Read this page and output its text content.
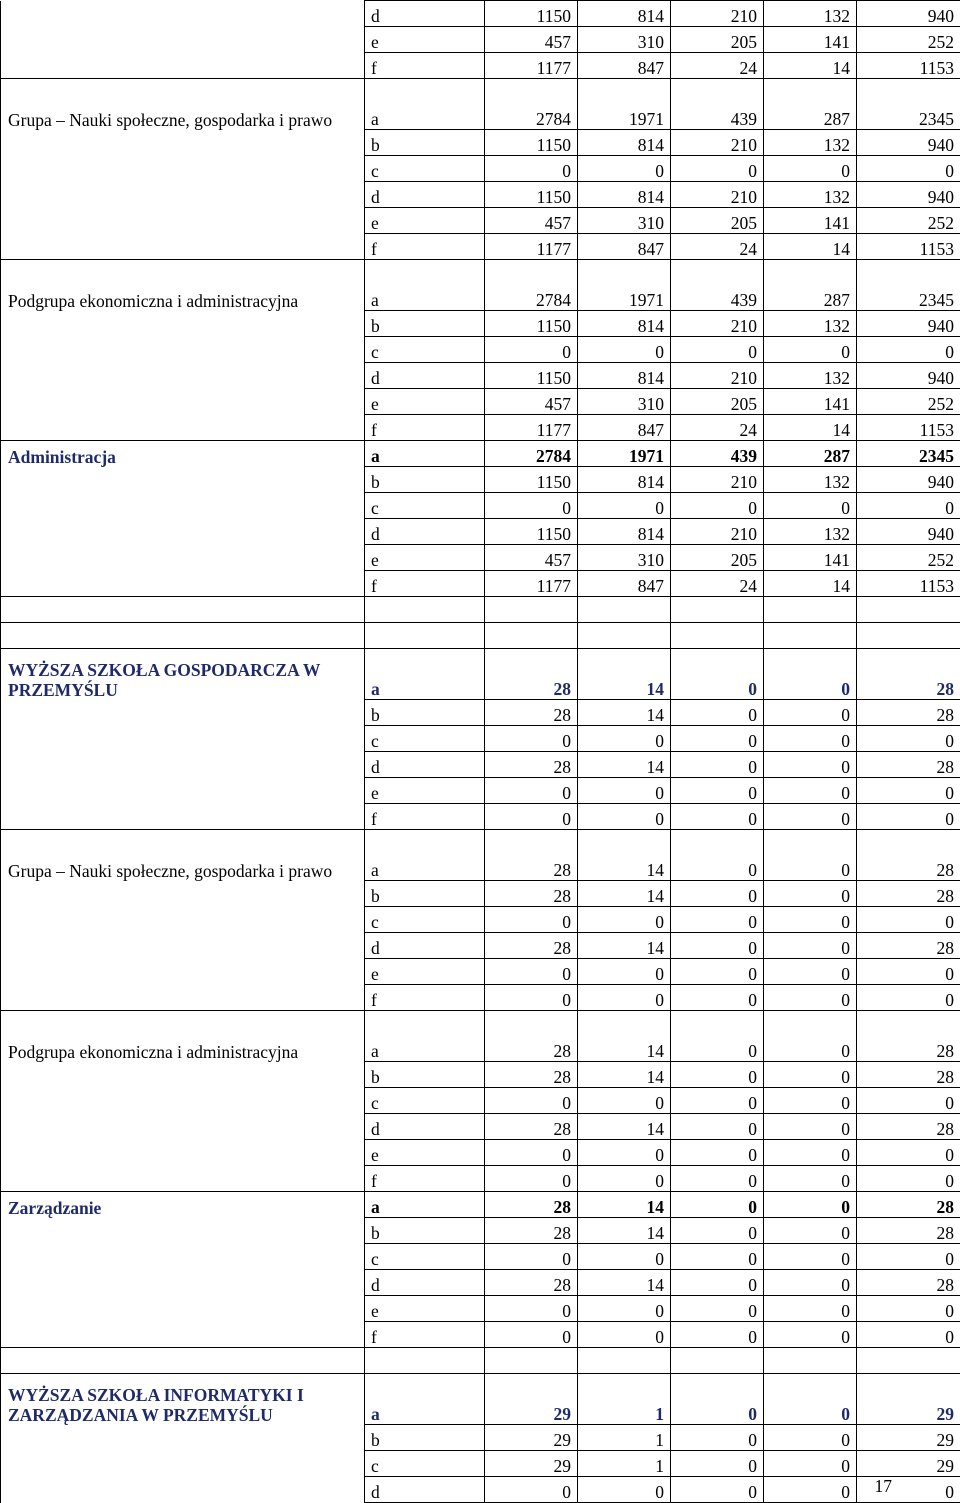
	d	1150	814	210	132	940	
	e	457	310	205	141	252	
	f	1177	847	24	14	1153	
Grupa – Nauki społeczne, gospodarka i prawo	a	2784	1971	439	287	2345	
	b	1150	814	210	132	940	
	c	0	0	0	0	0	
	d	1150	814	210	132	940	
	e	457	310	205	141	252	
	f	1177	847	24	14	1153	
Podgrupa ekonomiczna i administracyjna	a	2784	1971	439	287	2345	
	b	1150	814	210	132	940	
	c	0	0	0	0	0	
	d	1150	814	210	132	940	
	e	457	310	205	141	252	
	f	1177	847	24	14	1153	
Administracja	a	2784	1971	439	287	2345	
	b	1150	814	210	132	940	
	c	0	0	0	0	0	
	d	1150	814	210	132	940	
	e	457	310	205	141	252	
	f	1177	847	24	14	1153	

WYŻSZA SZKOŁA GOSPODARCZA W PRZEMYŚLU	a	28	14	0	0	28	
	b	28	14	0	0	28	
	c	0	0	0	0	0	
	d	28	14	0	0	28	
	e	0	0	0	0	0	
	f	0	0	0	0	0	
Grupa – Nauki społeczne, gospodarka i prawo	a	28	14	0	0	28	
	b	28	14	0	0	28	
	c	0	0	0	0	0	
	d	28	14	0	0	28	
	e	0	0	0	0	0	
	f	0	0	0	0	0	
Podgrupa ekonomiczna i administracyjna	a	28	14	0	0	28	
	b	28	14	0	0	28	
	c	0	0	0	0	0	
	d	28	14	0	0	28	
	e	0	0	0	0	0	
	f	0	0	0	0	0	
Zarządzanie	a	28	14	0	0	28	
	b	28	14	0	0	28	
	c	0	0	0	0	0	
	d	28	14	0	0	28	
	e	0	0	0	0	0	
	f	0	0	0	0	0	

WYŻSZA SZKOŁA INFORMATYKI I ZARZĄDZANIA W PRZEMYŚLU	a	29	1	0	0	29	
	b	29	1	0	0	29	
	c	29	1	0	0	29	
	d	0	0	0	0	0	
17
